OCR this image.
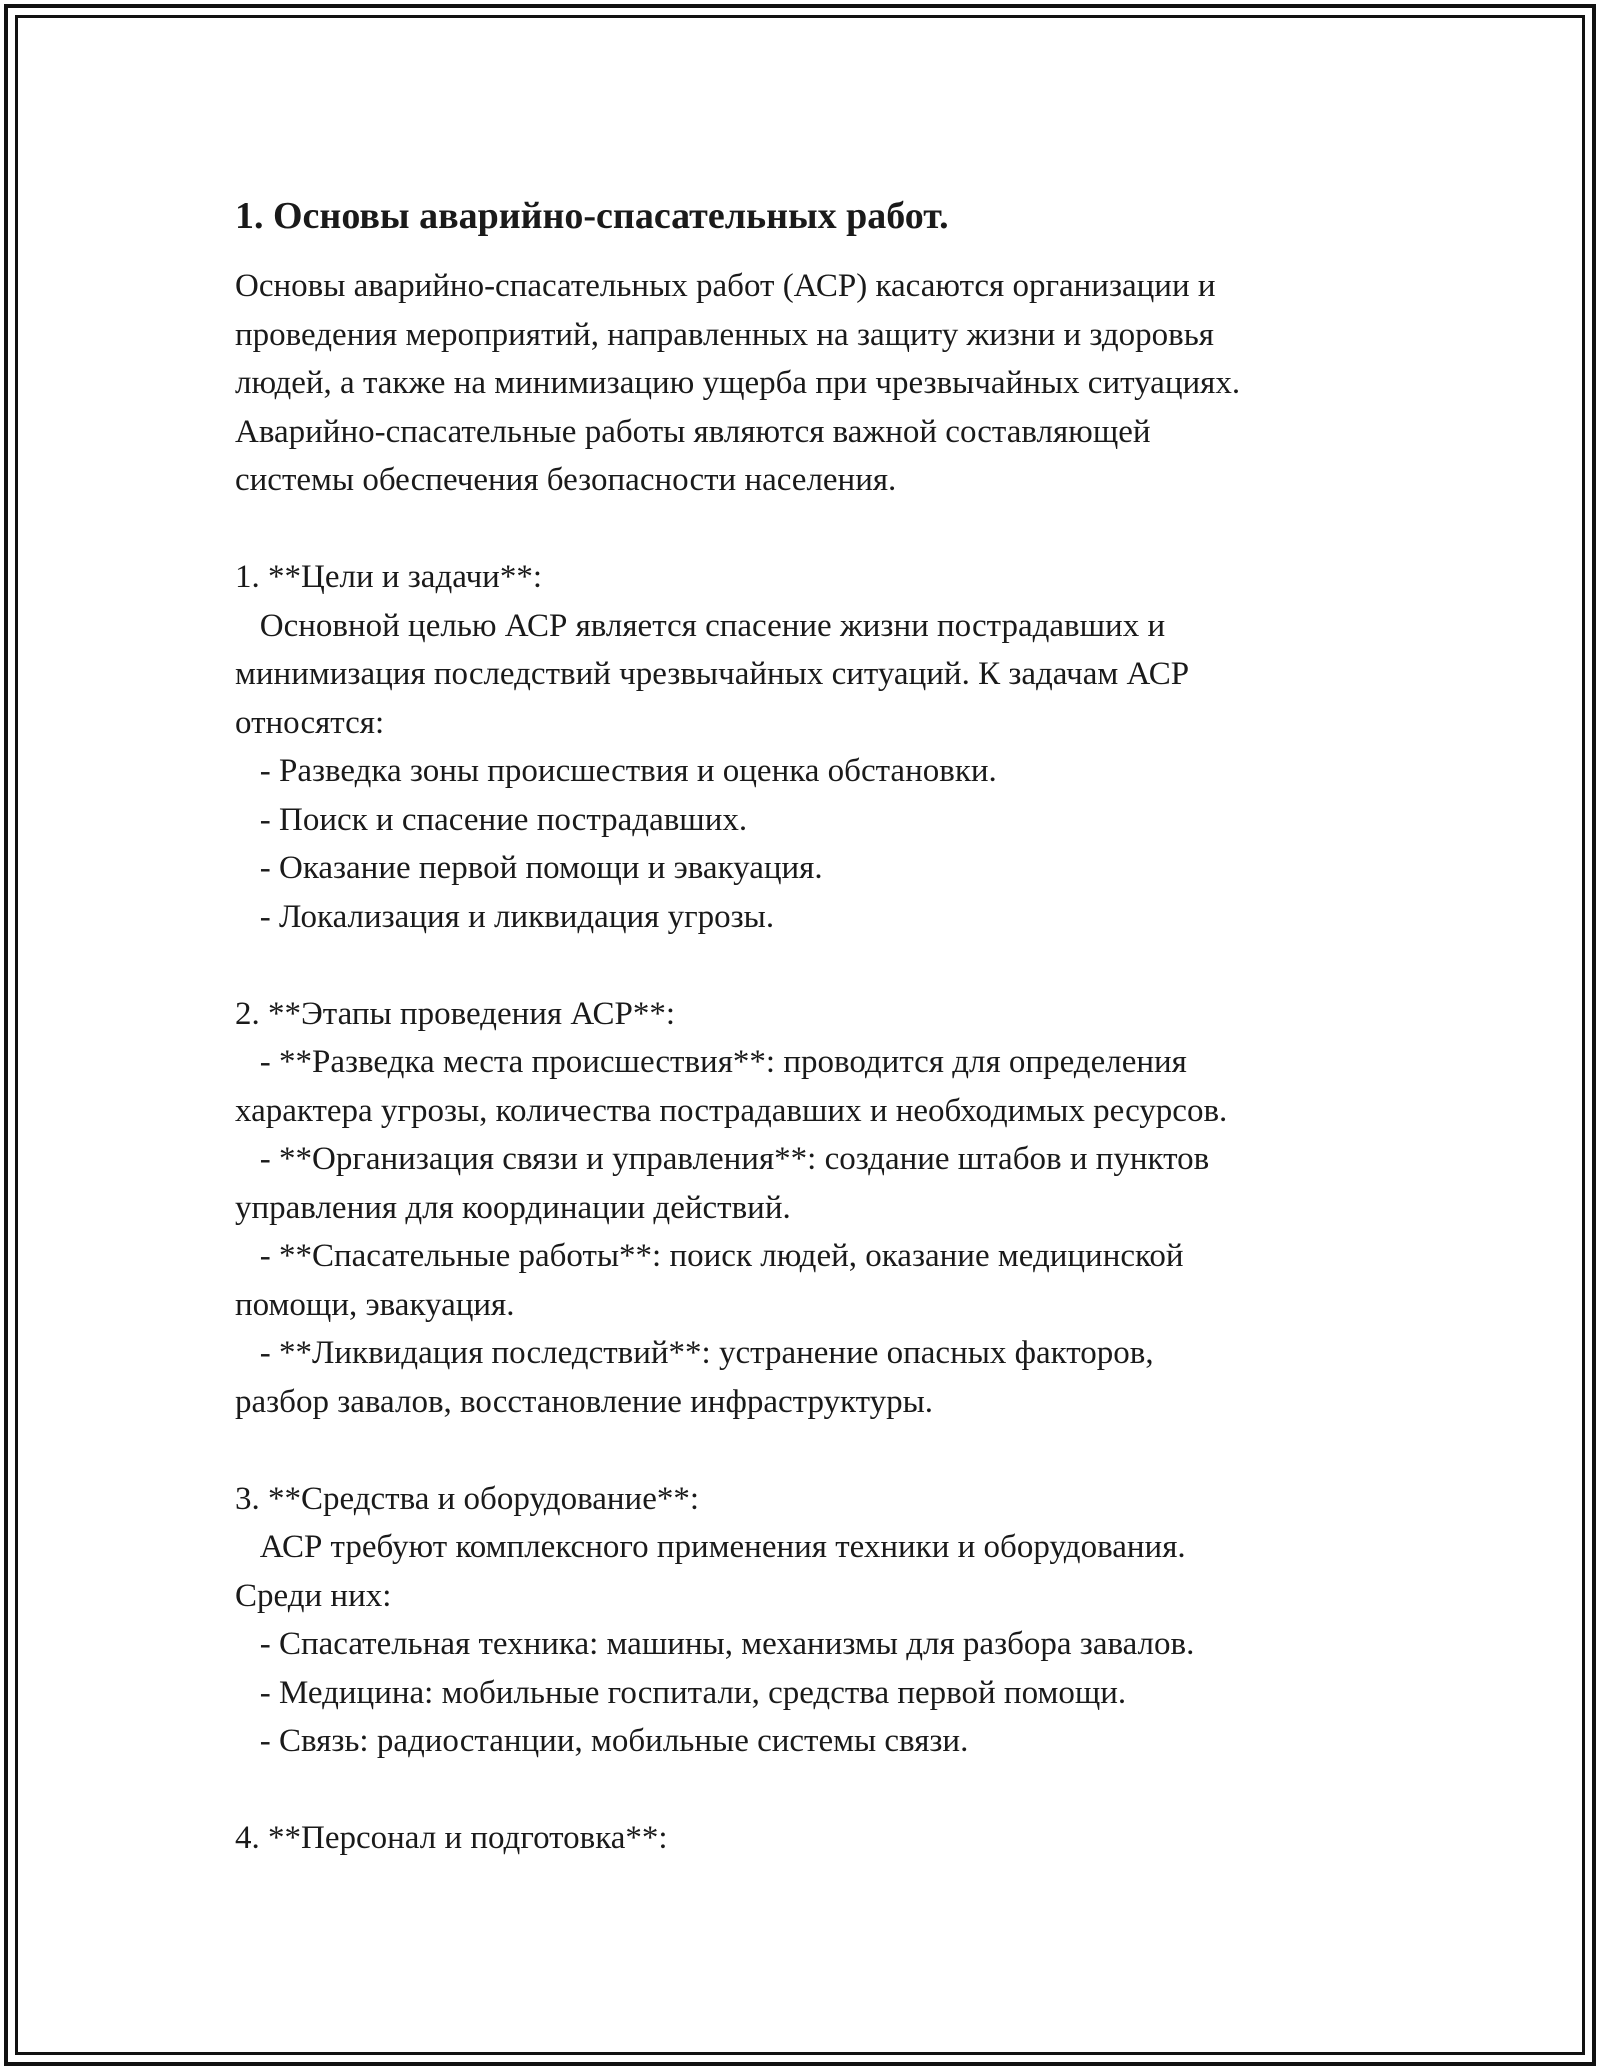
1. Основы аварийно-спасательных работ.
Основы аварийно-спасательных работ (АСР) касаются организации и
проведения мероприятий, направленных на защиту жизни и здоровья
людей, а также на минимизацию ущерба при чрезвычайных ситуациях.
Аварийно-спасательные работы являются важной составляющей
системы обеспечения безопасности населения.
1. **Цели и задачи**:
Основной целью АСР является спасение жизни пострадавших и
минимизация последствий чрезвычайных ситуаций. К задачам АСР
относятся:
- Разведка зоны происшествия и оценка обстановки.
- Поиск и спасение пострадавших.
- Оказание первой помощи и эвакуация.
- Локализация и ликвидация угрозы.
2. **Этапы проведения АСР**:
- **Разведка места происшествия**: проводится для определения
характера угрозы, количества пострадавших и необходимых ресурсов.
- **Организация связи и управления**: создание штабов и пунктов
управления для координации действий.
- **Спасательные работы**: поиск людей, оказание медицинской
помощи, эвакуация.
- **Ликвидация последствий**: устранение опасных факторов,
разбор завалов, восстановление инфраструктуры.
3. **Средства и оборудование**:
АСР требуют комплексного применения техники и оборудования.
Среди них:
- Спасательная техника: машины, механизмы для разбора завалов.
- Медицина: мобильные госпитали, средства первой помощи.
- Связь: радиостанции, мобильные системы связи.
4. **Персонал и подготовка**:
